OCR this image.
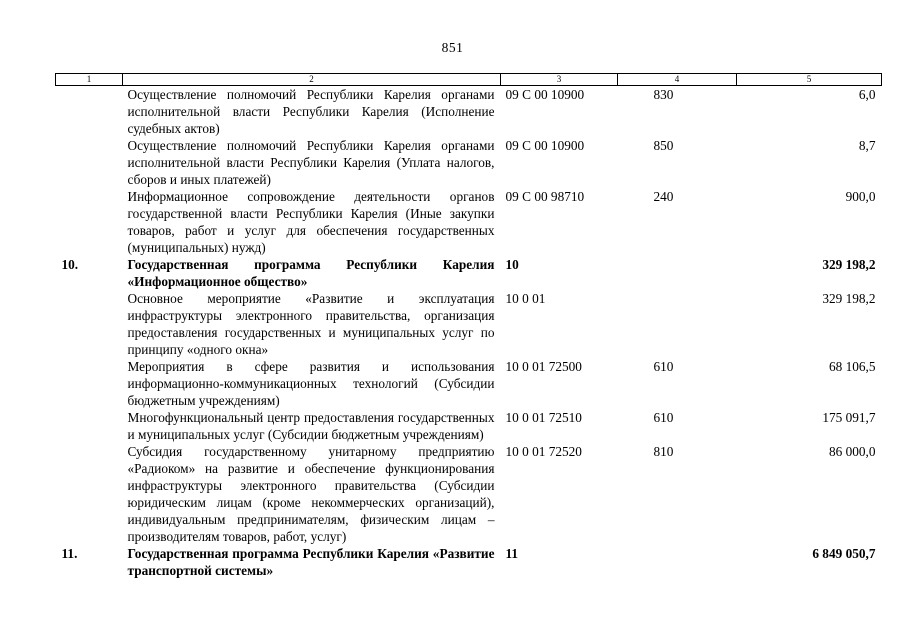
851
1	2	3	4	5
	Осуществление полномочий Республики Карелия органами исполнительной власти Республики Карелия (Исполнение судебных актов)	09 С 00 10900	830	6,0
	Осуществление полномочий Республики Карелия органами исполнительной власти Республики Карелия (Уплата налогов, сборов и иных платежей)	09 С 00 10900	850	8,7
	Информационное сопровождение деятельности органов государственной власти Республики Карелия (Иные закупки товаров, работ и услуг для обеспечения государственных (муниципальных) нужд)	09 С 00 98710	240	900,0
10.	Государственная программа Республики Карелия «Информационное общество»	10		329 198,2
	Основное мероприятие «Развитие и эксплуатация инфраструктуры электронного правительства, организация предоставления государственных и муниципальных услуг по принципу «одного окна»	10 0 01		329 198,2
	Мероприятия в сфере развития и использования информационно-коммуникационных технологий (Субсидии бюджетным учреждениям)	10 0 01 72500	610	68 106,5
	Многофункциональный центр предоставления государственных и муниципальных услуг (Субсидии бюджетным учреждениям)	10 0 01 72510	610	175 091,7
	Субсидия государственному унитарному предприятию «Радиоком» на развитие и обеспечение функционирования инфраструктуры электронного правительства (Субсидии юридическим лицам (кроме некоммерческих организаций), индивидуальным предпринимателям, физическим лицам – производителям товаров, работ, услуг)	10 0 01 72520	810	86 000,0
11.	Государственная программа Республики Карелия «Развитие транспортной системы»	11		6 849 050,7
